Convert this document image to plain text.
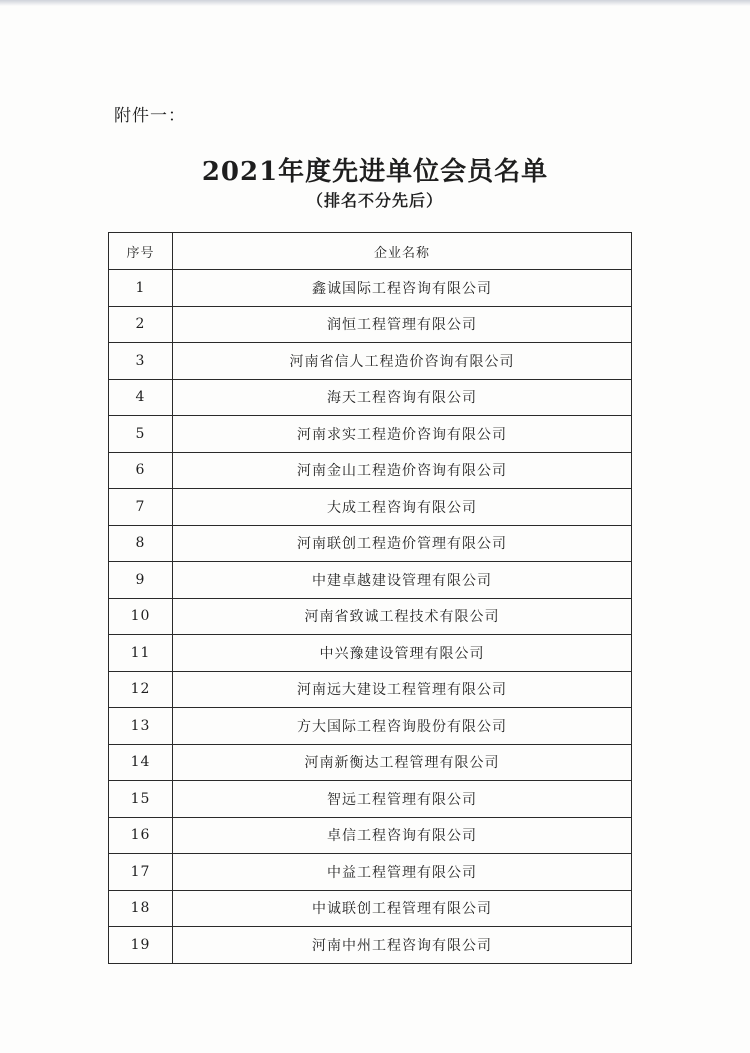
附件一：
2021年度先进单位会员名单
（排名不分先后）
序号	企业名称
1	鑫诚国际工程咨询有限公司
2	润恒工程管理有限公司
3	河南省信人工程造价咨询有限公司
4	海天工程咨询有限公司
5	河南求实工程造价咨询有限公司
6	河南金山工程造价咨询有限公司
7	大成工程咨询有限公司
8	河南联创工程造价管理有限公司
9	中建卓越建设管理有限公司
10	河南省致诚工程技术有限公司
11	中兴豫建设管理有限公司
12	河南远大建设工程管理有限公司
13	方大国际工程咨询股份有限公司
14	河南新衡达工程管理有限公司
15	智远工程管理有限公司
16	卓信工程咨询有限公司
17	中益工程管理有限公司
18	中诚联创工程管理有限公司
19	河南中州工程咨询有限公司
